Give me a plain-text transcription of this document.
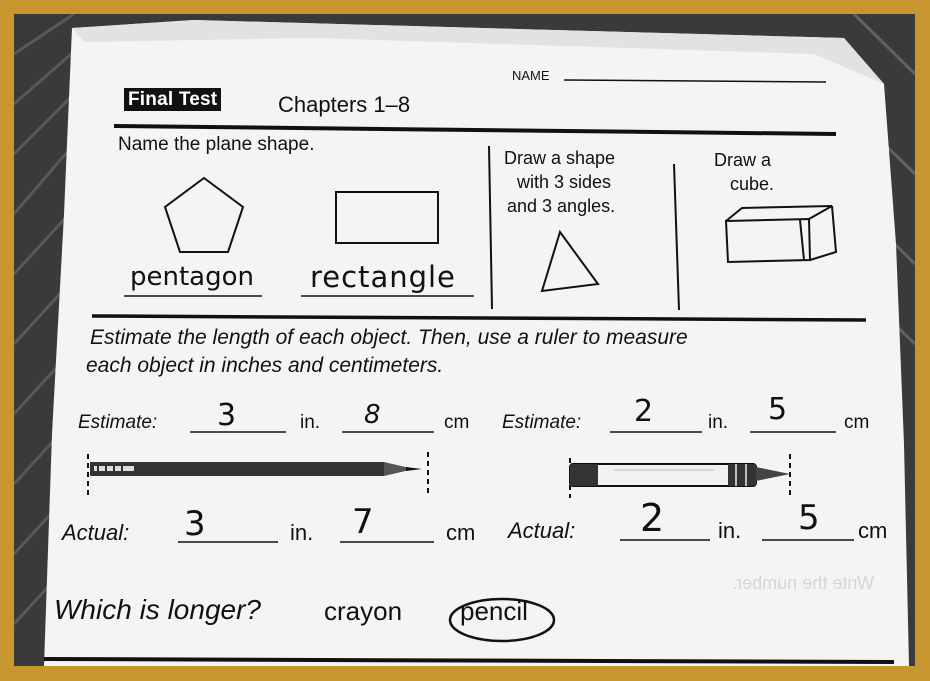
Write the number.
NAME
Final Test	Chapters 1–8
Name the plane shape.
pentagon rectangle
Draw a shape
with 3 sides
and 3 angles.
Draw a
cube.
Estimate the length of each object. Then, use a ruler to measure
each object in inches and centimeters.
Estimate: 3	in. 8	cm Estimate: 2	in. 5	cm
Actual: 3	in. 7	cm Actual: 2 in. 5 cm
Which is longer? crayon pencil
